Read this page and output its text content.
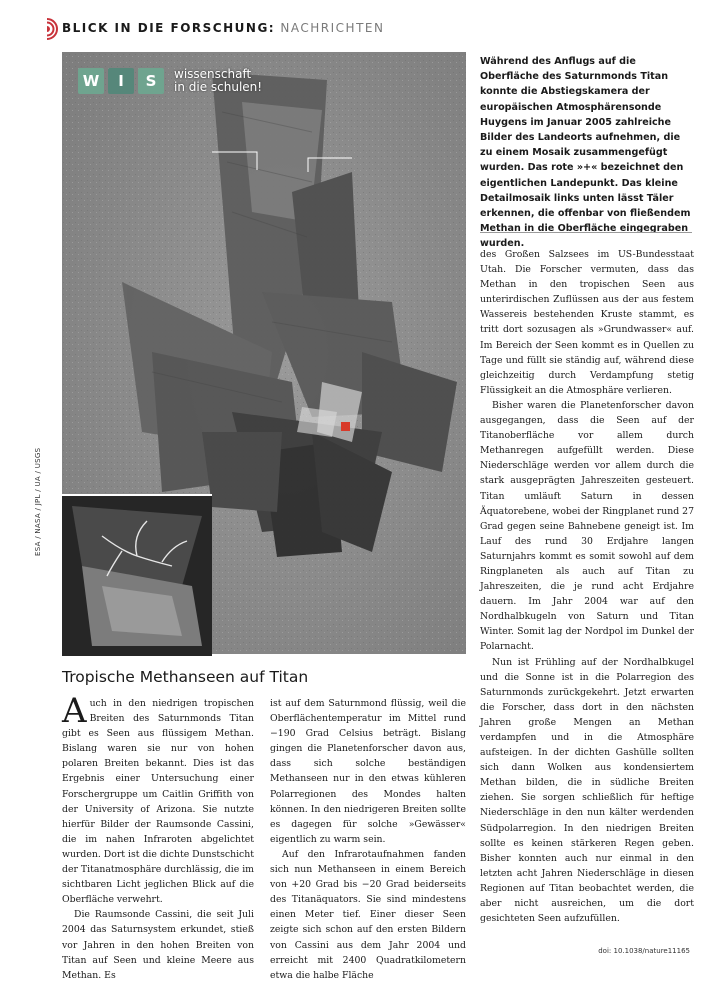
BLICK IN DIE FORSCHUNG: NACHRICHTEN
W	I	S	wissenschaft
in die schulen!
ESA / NASA / JPL / UA / USGS
Während des Anflugs auf die Oberfläche des Saturnmonds Titan konnte die Abstiegskamera der europäischen Atmosphärensonde Huygens im Januar 2005 zahlreiche Bilder des Landeorts aufnehmen, die zu einem Mosaik zusammengefügt wurden. Das rote »+« bezeichnet den eigentlichen Landepunkt. Das kleine Detailmosaik links unten lässt Täler erkennen, die offenbar von fließendem Methan in die Oberfläche eingegraben wurden.

des Großen Salzsees im US-Bundesstaat Utah. Die Forscher vermuten, dass das Methan in den tropischen Seen aus unterirdischen Zuflüssen aus der aus festem Wassereis bestehenden Kruste stammt, es tritt dort sozusagen als »Grundwasser« auf. Im Bereich der Seen kommt es in Quellen zu Tage und füllt sie ständig auf, während diese gleichzeitig durch Verdampfung stetig Flüssigkeit an die Atmosphäre verlieren.

Bisher waren die Planetenforscher davon ausgegangen, dass die Seen auf der Titanoberfläche vor allem durch Methanregen aufgefüllt werden. Diese Niederschläge werden vor allem durch die stark ausgeprägten Jahreszeiten gesteuert. Titan umläuft Saturn in dessen Äquatorebene, wobei der Ringplanet rund 27 Grad gegen seine Bahnebene geneigt ist. Im Lauf des rund 30 Erdjahre langen Saturnjahrs kommt es somit sowohl auf dem Ringplaneten als auch auf Titan zu Jahreszeiten, die je rund acht Erdjahre dauern. Im Jahr 2004 war auf den Nordhalbkugeln von Saturn und Titan Winter. Somit lag der Nordpol im Dunkel der Polarnacht.

Nun ist Frühling auf der Nordhalbkugel und die Sonne ist in die Polarregion des Saturnmonds zurückgekehrt. Jetzt erwarten die Forscher, dass dort in den nächsten Jahren große Mengen an Methan verdampfen und in die Atmosphäre aufsteigen. In der dichten Gashülle sollten sich dann Wolken aus kondensiertem Methan bilden, die in südliche Breiten ziehen. Sie sorgen schließlich für heftige Niederschläge in den nun kälter werdenden Südpolarregion. In den niedrigen Breiten sollte es keinen stärkeren Regen geben. Bisher konnten auch nur einmal in den letzten acht Jahren Niederschläge in diesen Regionen auf Titan beobachtet werden, die aber nicht ausreichen, um die dort gesichteten Seen aufzufüllen.

Tropische Methanseen auf Titan

Auch in den niedrigen tropischen Breiten des Saturnmonds Titan gibt es Seen aus flüssigem Methan. Bislang waren sie nur von hohen polaren Breiten bekannt. Dies ist das Ergebnis einer Untersuchung einer Forschergruppe um Caitlin Griffith von der University of Arizona. Sie nutzte hierfür Bilder der Raumsonde Cassini, die im nahen Infraroten abgelichtet wurden. Dort ist die dichte Dunstschicht der Titanatmosphäre durchlässig, die im sichtbaren Licht jeglichen Blick auf die Oberfläche verwehrt.

Die Raumsonde Cassini, die seit Juli 2004 das Saturnsystem erkundet, stieß vor Jahren in den hohen Breiten von Titan auf Seen und kleine Meere aus Methan. Es

ist auf dem Saturnmond flüssig, weil die Oberflächentemperatur im Mittel rund −190 Grad Celsius beträgt. Bislang gingen die Planetenforscher davon aus, dass sich solche beständigen Methanseen nur in den etwas kühleren Polarregionen des Mondes halten können. In den niedrigeren Breiten sollte es dagegen für solche »Gewässer« eigentlich zu warm sein.

Auf den Infrarotaufnahmen fanden sich nun Methanseen in einem Bereich von +20 Grad bis −20 Grad beiderseits des Titanäquators. Sie sind mindestens einen Meter tief. Einer dieser Seen zeigte sich schon auf den ersten Bildern von Cassini aus dem Jahr 2004 und erreicht mit 2400 Quadratkilometern etwa die halbe Fläche

doi: 10.1038/nature11165
